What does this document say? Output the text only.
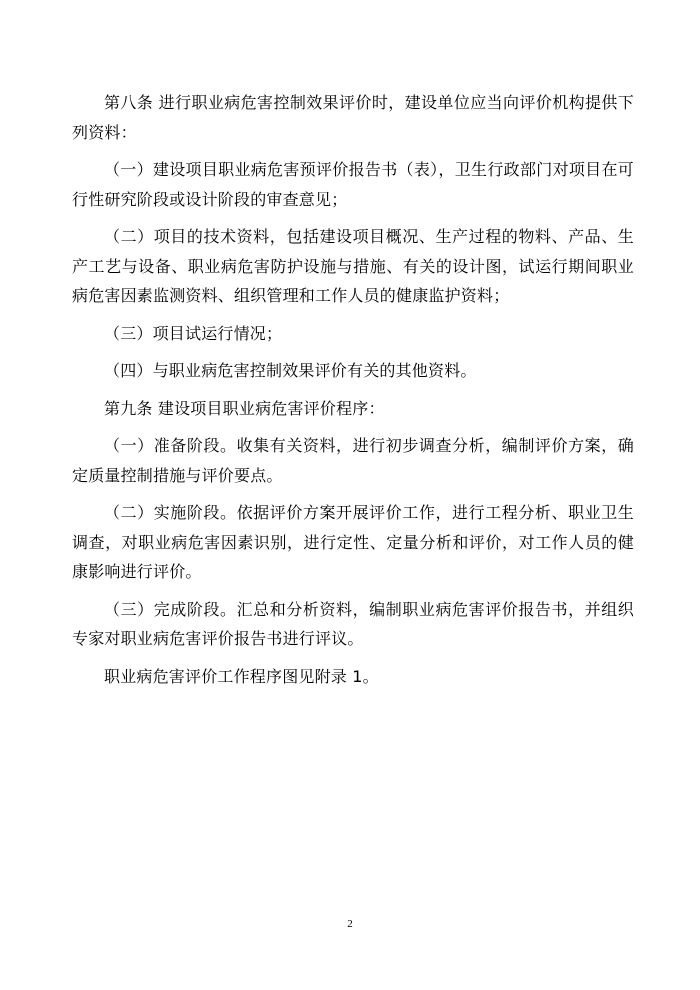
第八条 进行职业病危害控制效果评价时，建设单位应当向评价机构提供下列资料：

（一）建设项目职业病危害预评价报告书（表），卫生行政部门对项目在可行性研究阶段或设计阶段的审查意见；

（二）项目的技术资料，包括建设项目概况、生产过程的物料、产品、生产工艺与设备、职业病危害防护设施与措施、有关的设计图，试运行期间职业病危害因素监测资料、组织管理和工作人员的健康监护资料；

（三）项目试运行情况；

（四）与职业病危害控制效果评价有关的其他资料。

第九条 建设项目职业病危害评价程序：

（一）准备阶段。收集有关资料，进行初步调查分析，编制评价方案，确定质量控制措施与评价要点。

（二）实施阶段。依据评价方案开展评价工作，进行工程分析、职业卫生调查，对职业病危害因素识别，进行定性、定量分析和评价，对工作人员的健康影响进行评价。

（三）完成阶段。汇总和分析资料，编制职业病危害评价报告书，并组织专家对职业病危害评价报告书进行评议。

职业病危害评价工作程序图见附录 1。

2
